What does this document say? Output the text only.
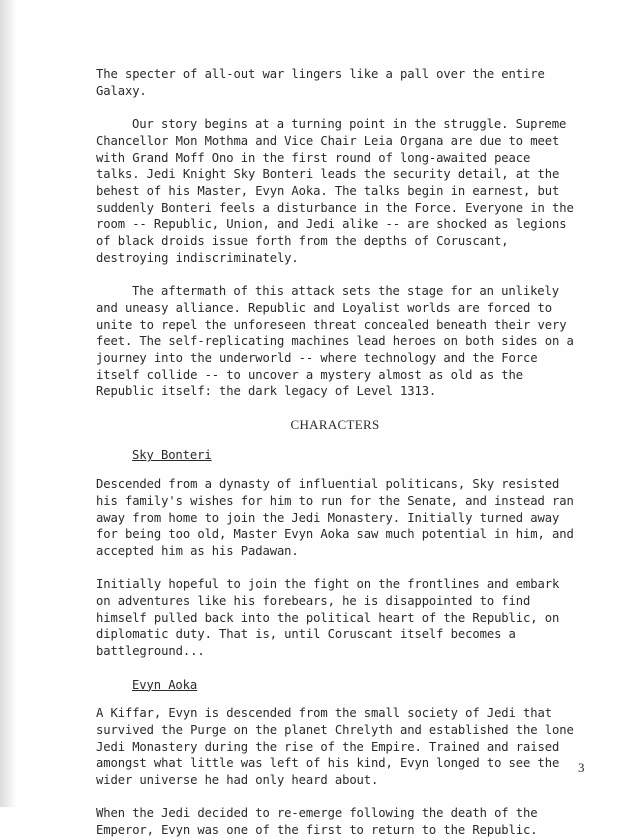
The specter of all-out war lingers like a pall over the entire Galaxy.

Our story begins at a turning point in the struggle. Supreme Chancellor Mon Mothma and Vice Chair Leia Organa are due to meet with Grand Moff Ono in the first round of long-awaited peace talks. Jedi Knight Sky Bonteri leads the security detail, at the behest of his Master, Evyn Aoka. The talks begin in earnest, but suddenly Bonteri feels a disturbance in the Force. Everyone in the room -- Republic, Union, and Jedi alike -- are shocked as legions of black droids issue forth from the depths of Coruscant, destroying indiscriminately.

The aftermath of this attack sets the stage for an unlikely and uneasy alliance. Republic and Loyalist worlds are forced to unite to repel the unforeseen threat concealed beneath their very feet. The self-replicating machines lead heroes on both sides on a journey into the underworld -- where technology and the Force itself collide -- to uncover a mystery almost as old as the Republic itself: the dark legacy of Level 1313.

CHARACTERS
Sky Bonteri

Descended from a dynasty of influential politicans, Sky resisted his family's wishes for him to run for the Senate, and instead ran away from home to join the Jedi Monastery. Initially turned away for being too old, Master Evyn Aoka saw much potential in him, and accepted him as his Padawan.

Initially hopeful to join the fight on the frontlines and embark on adventures like his forebears, he is disappointed to find himself pulled back into the political heart of the Republic, on diplomatic duty. That is, until Coruscant itself becomes a battleground...

Evyn Aoka

A Kiffar, Evyn is descended from the small society of Jedi that survived the Purge on the planet Chrelyth and established the lone Jedi Monastery during the rise of the Empire. Trained and raised amongst what little was left of his kind, Evyn longed to see the wider universe he had only heard about.

When the Jedi decided to re-emerge following the death of the Emperor, Evyn was one of the first to return to the Republic.

3
